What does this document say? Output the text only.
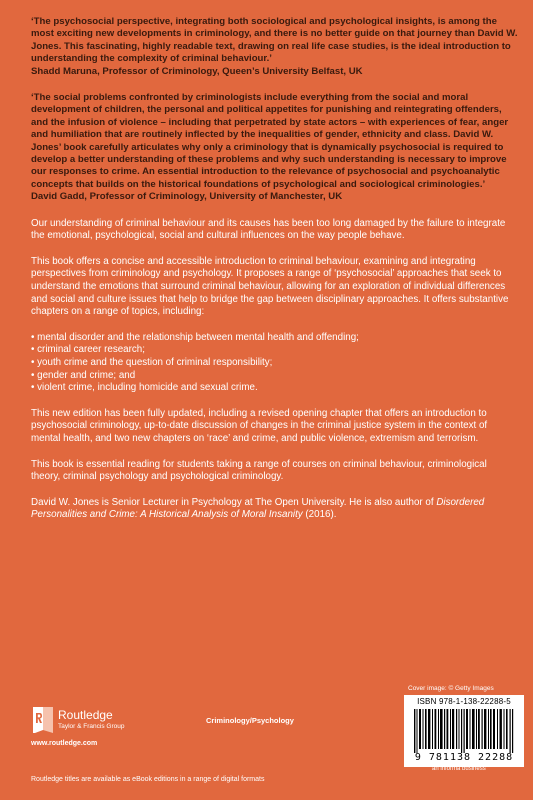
‘The psychosocial perspective, integrating both sociological and psychological insights, is among the most exciting new developments in criminology, and there is no better guide on that journey than David W. Jones. This fascinating, highly readable text, drawing on real life case studies, is the ideal introduction to understanding the complexity of criminal behaviour.’
Shadd Maruna, Professor of Criminology, Queen’s University Belfast, UK

‘The social problems confronted by criminologists include everything from the social and moral development of children, the personal and political appetites for punishing and reintegrating offenders, and the infusion of violence – including that perpetrated by state actors – with experiences of fear, anger and humiliation that are routinely inflected by the inequalities of gender, ethnicity and class. David W. Jones’ book carefully articulates why only a criminology that is dynamically psychosocial is required to develop a better understanding of these problems and why such understanding is necessary to improve our responses to crime. An essential introduction to the relevance of psychosocial and psychoanalytic concepts that builds on the historical foundations of psychological and sociological criminologies.’
David Gadd, Professor of Criminology, University of Manchester, UK

Our understanding of criminal behaviour and its causes has been too long damaged by the failure to integrate the emotional, psychological, social and cultural influences on the way people behave.

This book offers a concise and accessible introduction to criminal behaviour, examining and integrating perspectives from criminology and psychology. It proposes a range of ‘psychosocial’ approaches that seek to understand the emotions that surround criminal behaviour, allowing for an exploration of individual differences and social and culture issues that help to bridge the gap between disciplinary approaches. It offers substantive chapters on a range of topics, including:

• mental disorder and the relationship between mental health and offending;
• criminal career research;
• youth crime and the question of criminal responsibility;
• gender and crime; and
• violent crime, including homicide and sexual crime.

This new edition has been fully updated, including a revised opening chapter that offers an introduction to psychosocial criminology, up-to-date discussion of changes in the criminal justice system in the context of mental health, and two new chapters on ‘race’ and crime, and public violence, extremism and terrorism.

This book is essential reading for students taking a range of courses on criminal behaviour, criminological theory, criminal psychology and psychological criminology.

David W. Jones is Senior Lecturer in Psychology at The Open University. He is also author of Disordered Personalities and Crime: A Historical Analysis of Moral Insanity (2016).

Cover image: © Getty Images
ISBN 978-1-138-22288-5
9 781138 22288
an informa business
Routledge
Taylor & Francis Group
www.routledge.com
Criminology/Psychology
Routledge titles are available as eBook editions in a range of digital formats
